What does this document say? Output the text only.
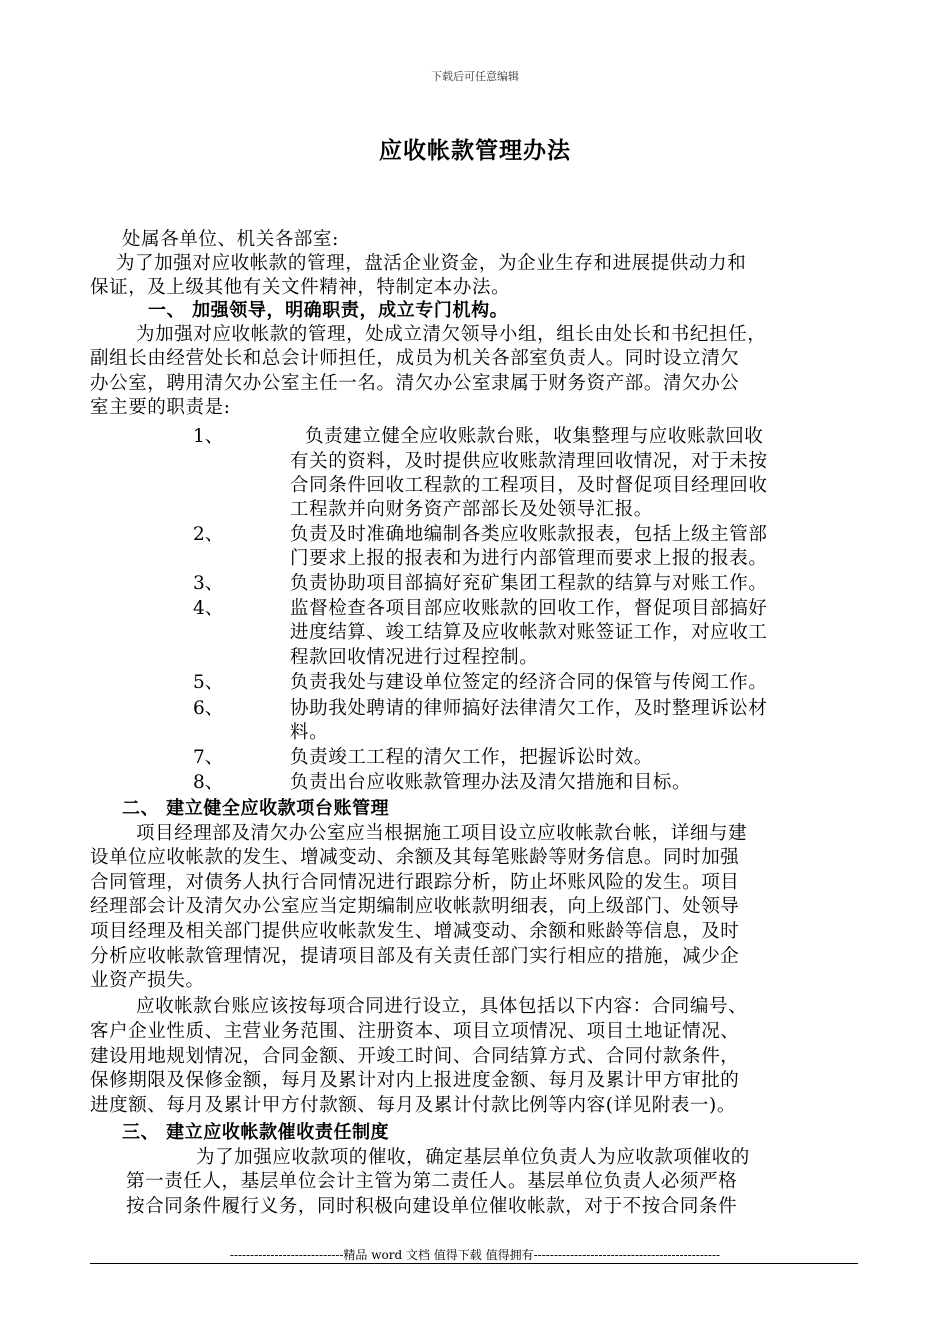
下载后可任意编辑
应收帐款管理办法
处属各单位、机关各部室:
为了加强对应收帐款的管理，盘活企业资金，为企业生存和进展提供动力和
保证，及上级其他有关文件精神，特制定本办法。
一、 加强领导，明确职责，成立专门机构。
为加强对应收帐款的管理，处成立清欠领导小组，组长由处长和书纪担任，
副组长由经营处长和总会计师担任，成员为机关各部室负责人。同时设立清欠
办公室，聘用清欠办公室主任一名。清欠办公室隶属于财务资产部。清欠办公
室主要的职责是:
1、	负责建立健全应收账款台账，收集整理与应收账款回收
有关的资料，及时提供应收账款清理回收情况，对于未按
合同条件回收工程款的工程项目，及时督促项目经理回收
工程款并向财务资产部部长及处领导汇报。
2、	负责及时准确地编制各类应收账款报表，包括上级主管部
门要求上报的报表和为进行内部管理而要求上报的报表。
3、	负责协助项目部搞好兖矿集团工程款的结算与对账工作。
4、	监督检查各项目部应收账款的回收工作，督促项目部搞好
进度结算、竣工结算及应收帐款对账签证工作，对应收工
程款回收情况进行过程控制。
5、	负责我处与建设单位签定的经济合同的保管与传阅工作。
6、	协助我处聘请的律师搞好法律清欠工作，及时整理诉讼材
料。
7、	负责竣工工程的清欠工作，把握诉讼时效。
8、	负责出台应收账款管理办法及清欠措施和目标。
二、 建立健全应收款项台账管理
项目经理部及清欠办公室应当根据施工项目设立应收帐款台帐，详细与建
设单位应收帐款的发生、增减变动、余额及其每笔账龄等财务信息。同时加强
合同管理，对债务人执行合同情况进行跟踪分析，防止坏账风险的发生。项目
经理部会计及清欠办公室应当定期编制应收帐款明细表，向上级部门、处领导
项目经理及相关部门提供应收帐款发生、增减变动、余额和账龄等信息，及时
分析应收帐款管理情况，提请项目部及有关责任部门实行相应的措施，减少企
业资产损失。
应收帐款台账应该按每项合同进行设立，具体包括以下内容：合同编号、
客户企业性质、主营业务范围、注册资本、项目立项情况、项目土地证情况、
建设用地规划情况，合同金额、开竣工时间、合同结算方式、合同付款条件，
保修期限及保修金额，每月及累计对内上报进度金额、每月及累计甲方审批的
进度额、每月及累计甲方付款额、每月及累计付款比例等内容(详见附表一)。
三、 建立应收帐款催收责任制度
为了加强应收款项的催收，确定基层单位负责人为应收款项催收的
第一责任人，基层单位会计主管为第二责任人。基层单位负责人必须严格
按合同条件履行义务，同时积极向建设单位催收帐款，对于不按合同条件
----------------------------精品 word 文档 值得下载 值得拥有----------------------------------------------
